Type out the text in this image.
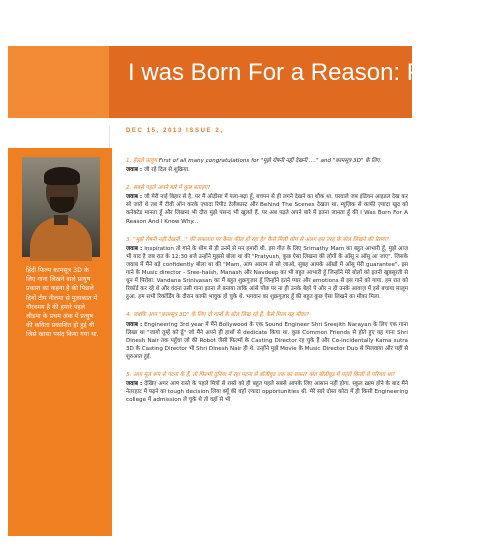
I was Born For a Reason: Pratyush
DEC 15, 2013 ISSUE 2,
हिंदी फिल्म कामसूत्र 3D के लिए गाना लिखने वाले प्रत्युष प्रकाश का कहना है की पिछले दिनों टीम नीलमा से मुलाकात में गौरवमय है की हमारे पहले लीडमा के प्रथम अंक में प्रत्युष की कविता प्रकाशित हो हुई थी जिसे खासा पसंद किया गया था.

1. हेल्लो प्रत्युष First of all many congratulations for "मुझे रोषनी नहीं देखनी ...." and "कामसूत्र 3D" के लिए.

जवाब : जी रहे दिल से शुक्रिया.

2. सबसे पहले अपने बारे में कुछ बताइए?

जवाब : जी मेरी नाई बिहार से है, पर मैं ओड़ीसा में पला-बढ़ा हूँ, बचपन से ही लगने देखने का शौक था. घरवाले जब इंडियन आइडल देख कर सो जाते थे तब मैं टीवी ऑन करके ज़्यादा रिपीट टेलीकास्ट और Behind The Scenes देखता था. म्यूज़िक से काफी ज़्यादा खुद को कनेक्टेड मानता हूँ और लिखना भी दौरा मुझे पसन्द भी खुलते हैं. पर अब पढ़ते अपने बारे में इतना जानता हूँ की I Was Born For A Reason And I Know Why...

3. "मुझे रोषनी नहीं देखनी..." की सफलता पर कैसा फील हो रहा है? कैसे मिली थीम से अलग इस तरह के बोल लिखने की प्रेरणा?

जवाब : Inspiration तो गाने के थीम से ही उनमें से मन हमारी थी. इस गीत के लिए Srimathy Mam का बहुत आभारी हूँ, मुझे आज भी याद है जब रात के 12:30 बजे उन्होंने मुझसे बोला था की "Pratyush, कुछ ऐसा लिखना की लोगों के आँसू न आँसू आ जाए". जिसके जवाब में मैंने बड़े confidently बोला था की "Mam, आप आराम से सो जाओ, सुबह आपके आँखों में आँसू मेरी guarantee". इस गाने के Music director - Sree-haish, Manash और Navdeep का भी बहुत आभारी हूँ जिन्होंने मेरे बोलों को इतनी खूबसूरती से धुन में पिरोया. Vandana Srinivasan का मैं बहुत शुक्रगुज़ार हूँ जिन्होंने इतने प्यार और emotions से इस गाने को गाया. हम रात को रिकॉर्ड कर रहे थे और वंदना उसी गाना इतना ले बनाया ताकि आंसे पोंछ पर ना ही उनके बेहरे पे और न ही उनके आवाज़ में इसे बचाया मालूम हुआ. हम सभी रिकॉर्डिंग के दौरान काफी भावुक हो चुके थे. भगवान का शुक्रगुज़ार हूँ की बहुत कुछ ऐसा लिखने का मौका मिला.

4. जबकि आप "कामसूत्र 3D" के लिए दो गानों के बोल लिख रहे हैं, कैसे मिला यह मौका?

जवाब : Engineering 3rd year में मैंने Bollywood के एक Sound Engineer Shri Sreejith Narayan के लिए एक गाना लिखा था "जागो तुम्हें को ढूँ" जो मैंने अपने ही हाथों से dedicate किया था. कुछ Common Friends से होते हुए यह गाना Shri Dinesh Nair तक पहुँचा जो की Robot जैसी फिल्मों के Casting Director रह चुके हैं और Co-incidentally Kama sutra 3D के Casting Director भी Shri Dinesh Nair ही थे. उन्होंने मुझे Movie के Music Director Duo से मिलवाया और यहीं से शुरुआत हुई.

5. आप मूल रूप से पटना के हैं, तो फिल्मी दुनिया में रहा पटना से बॉलीवुड तक का सफ़र? क्या बॉलीवुड में पहले किसी से परिचय था?

जवाब : देखिए अगर आप रास्ते के पहले मित्रों से रास्ते को ही बहुत पहले सबसे आपके लिए आसान नहीं होगा. स्कूल ख़त्म होने के बाद मैंने नेतरहाट में पढ़ने का tough decision लिया क्यूँ की वहाँ ज़्यादा opportunities थी. मेरे सारे दोस्त कोटा में ही किसी Engineering college में admission ले चुके थे तो वहाँ से भी
